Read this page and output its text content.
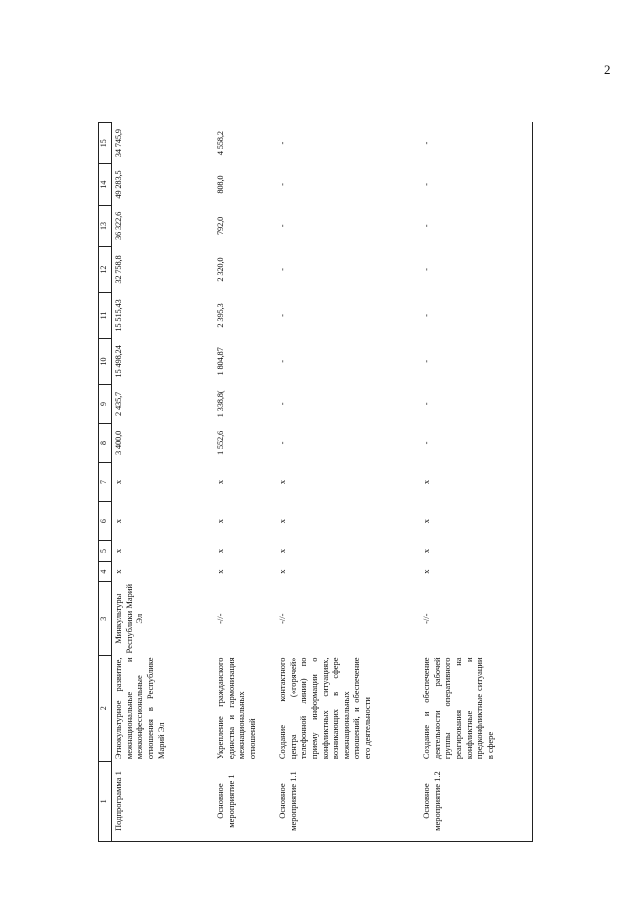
2
1	2	3	4	5	6	7	8	9	10	11	12	13	14	15
Подпрограмма 1	Этнокультурное развитие, межнациональные и межконфессиональные отношения в Республике Марий Эл	Минкультуры Республики Марий Эл	х	х	х	х	3 400,0	2 435,7	15 498,24	15 515,43	32 758,8	36 322,6	49 283,5	34 745,9
Основное мероприятие 1	Укрепление гражданского единства и гармонизация межнациональных отношений	-//-	х	х	х	х	1 552,6	1 338,8(	1 804,87	2 395,3	2 320,0	792,0	808,0	4 558,2
Основное мероприятие 1.1	Создание контактного центра («горячей» телефонной линии) по приему информации о конфликтных ситуациях, возникающих в сфере межнациональных отношений, и обеспечение его деятельности	-//-	х	х	х	х	-	-	-	-	-	-	-	-
Основное мероприятие 1.2	Создание и обеспечение деятельности рабочей группы оперативного реагирования на конфликтные и предконфликтные ситуации в сфере	-//-	х	х	х	х	-	-	-	-	-	-	-	-
